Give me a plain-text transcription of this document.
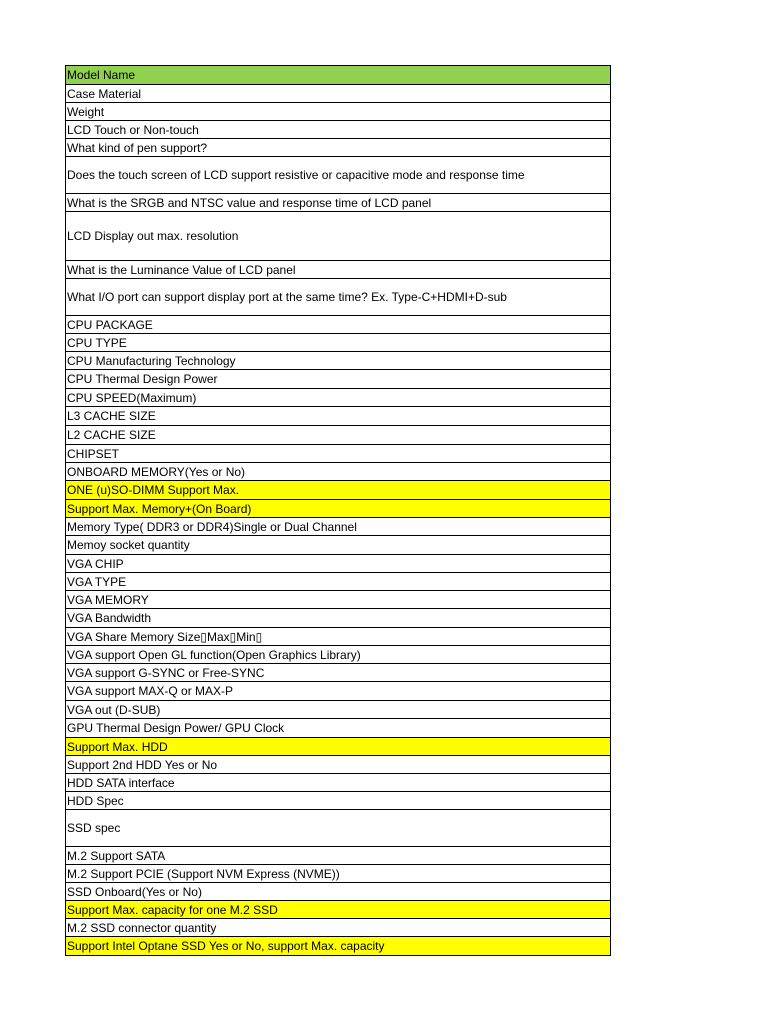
Model Name
Case Material
Weight
LCD Touch or Non-touch
What kind of pen support?
Does the touch screen of LCD support resistive or capacitive mode and response time
What is the SRGB and NTSC value and response time of LCD panel
LCD Display out max. resolution
What is the Luminance Value of LCD panel
What I/O port can support display port at the same time? Ex. Type-C+HDMI+D-sub
CPU PACKAGE
CPU TYPE
CPU Manufacturing Technology
CPU Thermal Design Power
CPU SPEED(Maximum)
L3 CACHE SIZE
L2 CACHE SIZE
CHIPSET
ONBOARD MEMORY(Yes or No)
ONE (u)SO-DIMM Support Max.
Support Max. Memory+(On Board)
Memory Type( DDR3 or DDR4)Single or Dual Channel
Memoy socket quantity
VGA CHIP
VGA TYPE
VGA MEMORY
VGA Bandwidth
VGA Share Memory Size▯Max▯Min▯
VGA support Open GL function(Open Graphics Library)
VGA support G-SYNC or Free-SYNC
VGA support MAX-Q or MAX-P
VGA out (D-SUB)
GPU Thermal Design Power/ GPU Clock
Support Max. HDD
Support 2nd HDD Yes or No
HDD SATA interface
HDD Spec
SSD spec
M.2 Support SATA
M.2 Support PCIE (Support NVM Express (NVME))
SSD Onboard(Yes or No)
Support Max. capacity for one M.2 SSD
M.2 SSD connector quantity
Support Intel Optane SSD Yes or No, support Max. capacity
